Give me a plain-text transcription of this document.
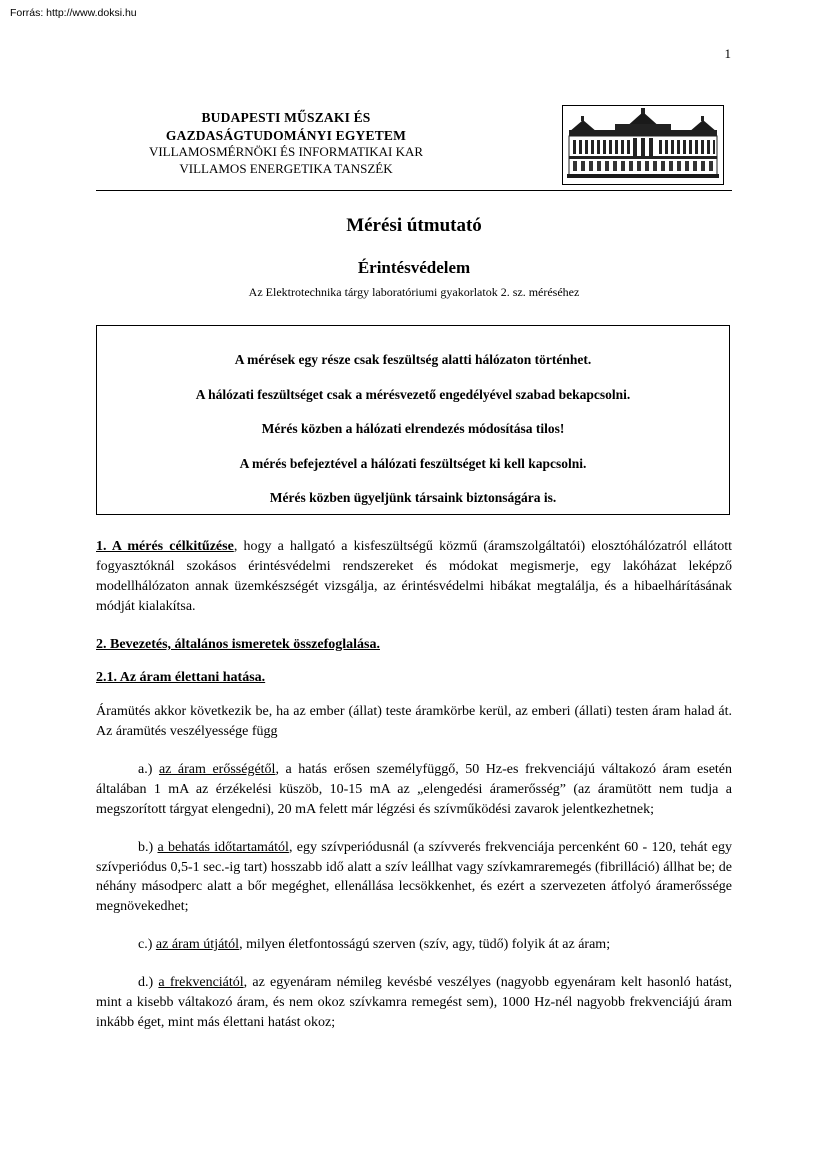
Forrás: http://www.doksi.hu
1
BUDAPESTI MŰSZAKI ÉS
GAZDASÁGTUDOMÁNYI EGYETEM
VILLAMOSMÉRNÖKI ÉS INFORMATIKAI KAR
VILLAMOS ENERGETIKA TANSZÉK
Mérési útmutató
Érintésvédelem
Az Elektrotechnika tárgy laboratóriumi gyakorlatok 2. sz. méréséhez
A mérések egy része csak feszültség alatti hálózaton történhet.
A hálózati feszültséget csak a mérésvezető engedélyével szabad bekapcsolni.
Mérés közben a hálózati elrendezés módosítása tilos!
A mérés befejeztével a hálózati feszültséget ki kell kapcsolni.
Mérés közben ügyeljünk társaink biztonságára is.

1. A mérés célkitűzése, hogy a hallgató a kisfeszültségű közmű (áramszolgáltatói) elosztóhálózatról ellátott fogyasztóknál szokásos érintésvédelmi rendszereket és módokat megismerje, egy lakóházat leképző modellhálózaton annak üzemkészségét vizsgálja, az érintésvédelmi hibákat megtalálja, és a hibaelhárításának módját kialakítsa.

2. Bevezetés, általános ismeretek összefoglalása.

2.1. Az áram élettani hatása.

Áramütés akkor következik be, ha az ember (állat) teste áramkörbe kerül, az emberi (állati) testen áram halad át. Az áramütés veszélyessége függ

a.) az áram erősségétől, a hatás erősen személyfüggő, 50 Hz-es frekvenciájú váltakozó áram esetén általában 1 mA az érzékelési küszöb, 10-15 mA az „elengedési áramerősség” (az áramütött nem tudja a megszorított tárgyat elengedni), 20 mA felett már légzési és szívműködési zavarok jelentkezhetnek;

b.) a behatás időtartamától, egy szívperiódusnál (a szívverés frekvenciája percenként 60 - 120, tehát egy szívperiódus 0,5-1 sec.-ig tart) hosszabb idő alatt a szív leállhat vagy szívkamraremegés (fibrilláció) állhat be; de néhány másodperc alatt a bőr megéghet, ellenállása lecsökkenhet, és ezért a szervezeten átfolyó áramerőssége megnövekedhet;

c.) az áram útjától, milyen életfontosságú szerven (szív, agy, tüdő) folyik át az áram;

d.) a frekvenciától, az egyenáram némileg kevésbé veszélyes (nagyobb egyenáram kelt hasonló hatást, mint a kisebb váltakozó áram, és nem okoz szívkamra remegést sem), 1000 Hz-nél nagyobb frekvenciájú áram inkább éget, mint más élettani hatást okoz;
